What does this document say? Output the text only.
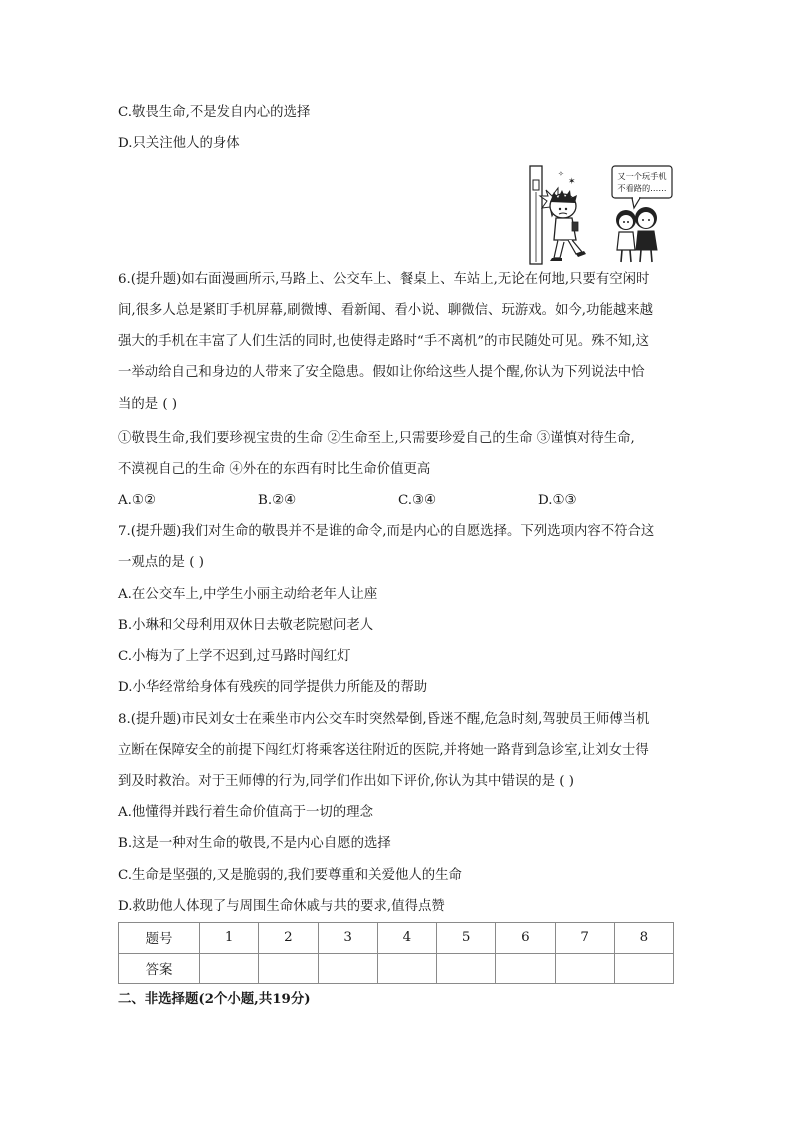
C.敬畏生命,不是发自内心的选择
D.只关注他人的身体
✶
✧	又一个玩手机
不看路的……
6.(提升题)如右面漫画所示,马路上、公交车上、餐桌上、车站上,无论在何地,只要有空闲时
间,很多人总是紧盯手机屏幕,刷微博、看新闻、看小说、聊微信、玩游戏。如今,功能越来越
强大的手机在丰富了人们生活的同时,也使得走路时“手不离机”的市民随处可见。殊不知,这
一举动给自己和身边的人带来了安全隐患。假如让你给这些人提个醒,你认为下列说法中恰
当的是 ( )
①敬畏生命,我们要珍视宝贵的生命 ②生命至上,只需要珍爱自己的生命 ③谨慎对待生命,
不漠视自己的生命 ④外在的东西有时比生命价值更高
A.①②	B.②④	C.③④	D.①③
7.(提升题)我们对生命的敬畏并不是谁的命令,而是内心的自愿选择。下列选项内容不符合这
一观点的是 ( )
A.在公交车上,中学生小丽主动给老年人让座
B.小琳和父母利用双休日去敬老院慰问老人
C.小梅为了上学不迟到,过马路时闯红灯
D.小华经常给身体有残疾的同学提供力所能及的帮助
8.(提升题)市民刘女士在乘坐市内公交车时突然晕倒,昏迷不醒,危急时刻,驾驶员王师傅当机
立断在保障安全的前提下闯红灯将乘客送往附近的医院,并将她一路背到急诊室,让刘女士得
到及时救治。对于王师傅的行为,同学们作出如下评价,你认为其中错误的是 ( )
A.他懂得并践行着生命价值高于一切的理念
B.这是一种对生命的敬畏,不是内心自愿的选择
C.生命是坚强的,又是脆弱的,我们要尊重和关爱他人的生命
D.救助他人体现了与周围生命休戚与共的要求,值得点赞
题号	1	2	3	4	5	6	7	8
答案								
二、非选择题(2个小题,共19分)
